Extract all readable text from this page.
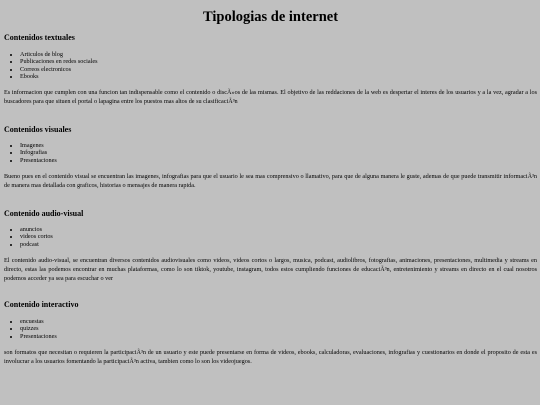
Tipologias de internet
Contenidos textuales
• Articulos de blog
• Publicaciones en redes sociales
• Correos electronicos
• Ebooks

Es informacion que cumplen con una funcion tan indispensable como el contenido o discÃ»os de las mismas. El objetivo de las reddaciones de la web es despertar el interes de los usuarios y a la vez, agradar a los buscadores para que situen el portal o lapagina entre los puestos mas altos de su clasificaciÃ³n

Contenidos visuales
• Imagenes
• Infografias
• Presentaciones

Bueno pues en el contenido visual se encuentran las imagenes, infografias para que el usuario le sea mas comprensivo o llamativo, para que de alguna manera le guste, ademas de que puede transmitir informaciÃ³n de manera mas detallada con graficos, historias o mensajes de manera rapida.

Contenido audio-visual
• anuncios
• videos cortos
• podcast

El contenido audio-visual, se encuentran diversos contenidos audiovisuales como videos, videos cortos o largos, musica, podcast, audiolibros, fotografias, animaciones, presentaciones, multimedia y streams en directo, estas las podemos encontrar en muchas plataformas, como lo son tiktok, youtube, instagram, todos estos cumpliendo funciones de educaciÃ³n, entretenimiento y streams en directo en el cual nosotros podemos acceder ya sea para escuchar o ver

Contenido interactivo
• encuestas
• quizzes
• Presentaciones

son formatos que necesitan o requieren la participaciÃ³n de un usuario y este puede presentarse en forma de videos, ebooks, calculadoras, evaluaciones, infografias y cuestionarios en donde el proposito de esta es involucrar a los usuarios fomentando la participaciÃ³n activa, tambien como lo son los videojuegos.
